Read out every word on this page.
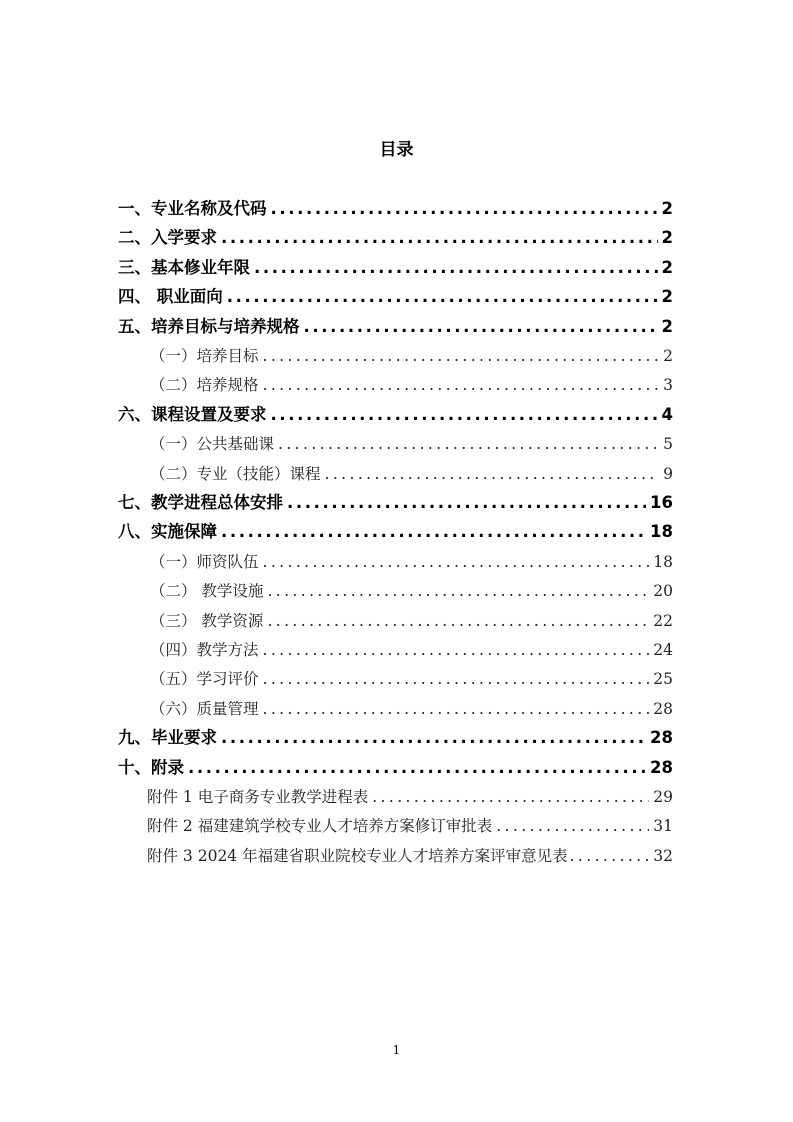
目录
一、专业名称及代码 .....	2
二、入学要求 .....	2
三、基本修业年限 .....	2
四、 职业面向 .....	2
五、培养目标与培养规格 .....	2
（一）培养目标 .....	2
（二）培养规格 .....	3
六、课程设置及要求 .....	4
（一）公共基础课 .....	5
（二）专业（技能）课程 .....	9
七、教学进程总体安排 .....	16
八、实施保障 .....	18
（一）师资队伍 .....	18
（二） 教学设施 .....	20
（三） 教学资源 .....	22
（四）教学方法 .....	24
（五）学习评价 .....	25
（六）质量管理 .....	28
九、毕业要求 .....	28
十、附录 .....	28
附件 1 电子商务专业教学进程表 .....	29
附件 2 福建建筑学校专业人才培养方案修订审批表 .....	31
附件 3 2024 年福建省职业院校专业人才培养方案评审意见表 .....	32
1
